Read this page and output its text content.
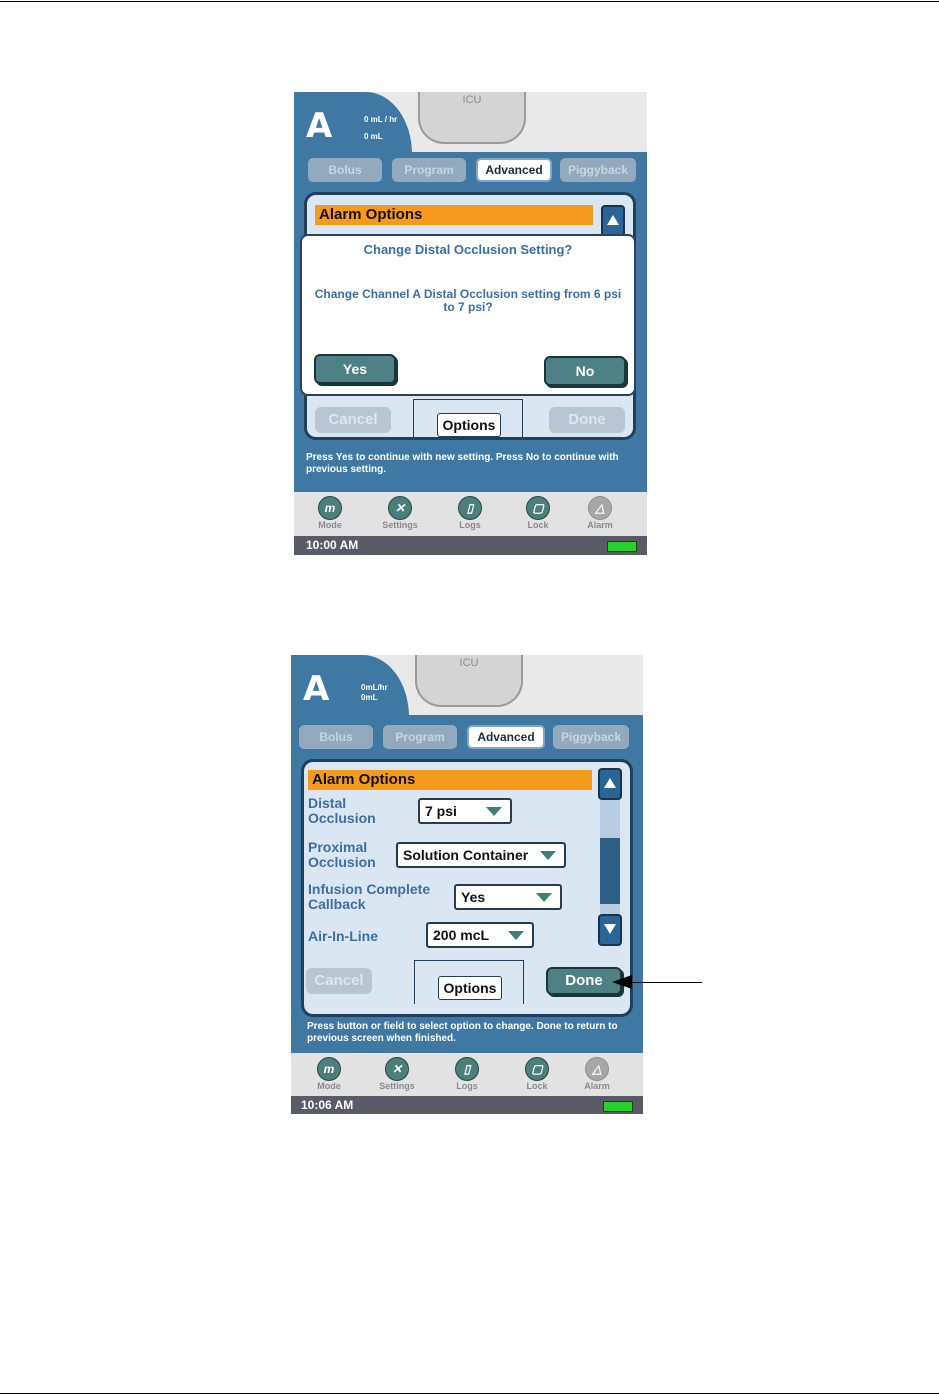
A	0 mL / hr
0 mL
ICU
Bolus	Program	Advanced	Piggyback
Alarm Options
Cancel	Options	Done
Press Yes to continue with new setting. Press No to continue with previous setting.
Change Distal Occlusion Setting?
Change Channel A Distal Occlusion setting from 6 psi to 7 psi?
Yes	No
m
Mode
✕
Settings
▯
Logs
▢
Lock
△
Alarm
10:00 AM
A	0mL/hr
0mL
ICU
Bolus	Program	Advanced	Piggyback
Alarm Options
Distal Occlusion	7 psi
Proximal Occlusion	Solution Container
Infusion Complete Callback	Yes
Air-In-Line	200 mcL
Cancel	Options	Done
Press button or field to select option to change. Done to return to previous screen when finished.
m
Mode
✕
Settings
▯
Logs
▢
Lock
△
Alarm
10:06 AM
